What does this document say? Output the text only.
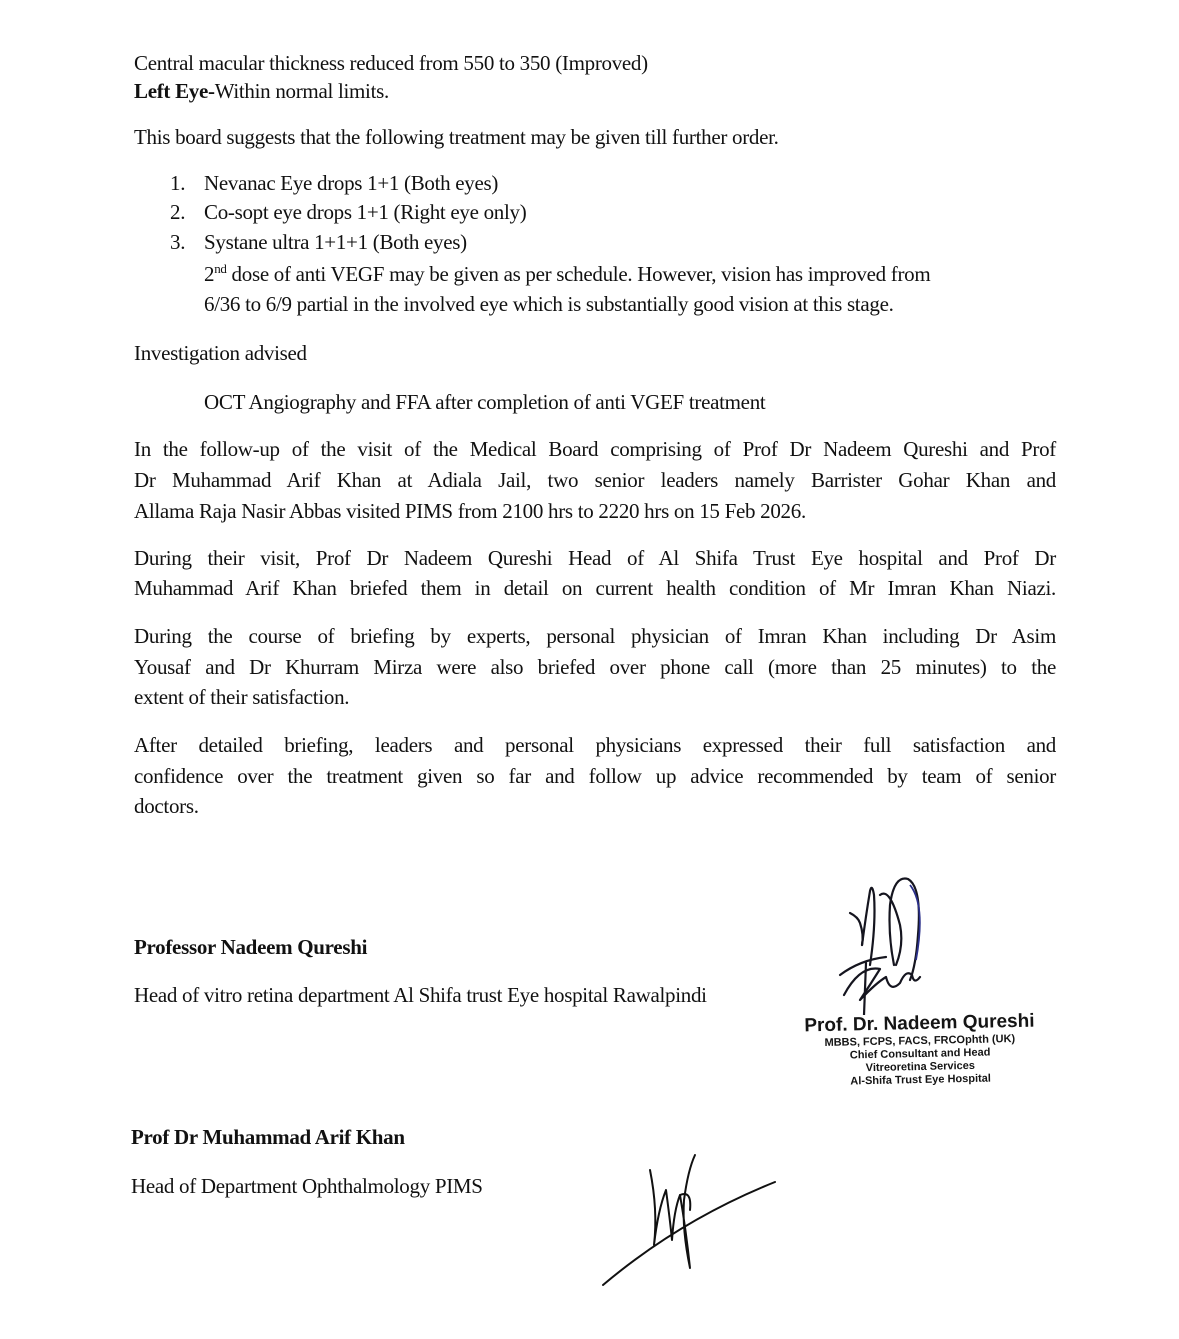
Central macular thickness reduced from 550 to 350 (Improved)
Left Eye-Within normal limits.
This board suggests that the following treatment may be given till further order.
1. Nevanac Eye drops 1+1 (Both eyes)
2. Co-sopt eye drops 1+1 (Right eye only)
3. Systane ultra 1+1+1 (Both eyes)
2nd dose of anti VEGF may be given as per schedule. However, vision has improved from
6/36 to 6/9 partial in the involved eye which is substantially good vision at this stage.
Investigation advised
OCT Angiography and FFA after completion of anti VGEF treatment
In the follow-up of the visit of the Medical Board comprising of Prof Dr Nadeem Qureshi and Prof
Dr Muhammad Arif Khan at Adiala Jail, two senior leaders namely Barrister Gohar Khan and
Allama Raja Nasir Abbas visited PIMS from 2100 hrs to 2220 hrs on 15 Feb 2026.
During their visit, Prof Dr Nadeem Qureshi Head of Al Shifa Trust Eye hospital and Prof Dr
Muhammad Arif Khan briefed them in detail on current health condition of Mr Imran Khan Niazi.
During the course of briefing by experts, personal physician of Imran Khan including Dr Asim
Yousaf and Dr Khurram Mirza were also briefed over phone call (more than 25 minutes) to the
extent of their satisfaction.
After detailed briefing, leaders and personal physicians expressed their full satisfaction and
confidence over the treatment given so far and follow up advice recommended by team of senior
doctors.
Professor Nadeem Qureshi
Head of vitro retina department Al Shifa trust Eye hospital Rawalpindi
Prof. Dr. Nadeem Qureshi
MBBS, FCPS, FACS, FRCOphth (UK)
Chief Consultant and Head
Vitreoretina Services
Al-Shifa Trust Eye Hospital
Prof Dr Muhammad Arif Khan
Head of Department Ophthalmology PIMS
